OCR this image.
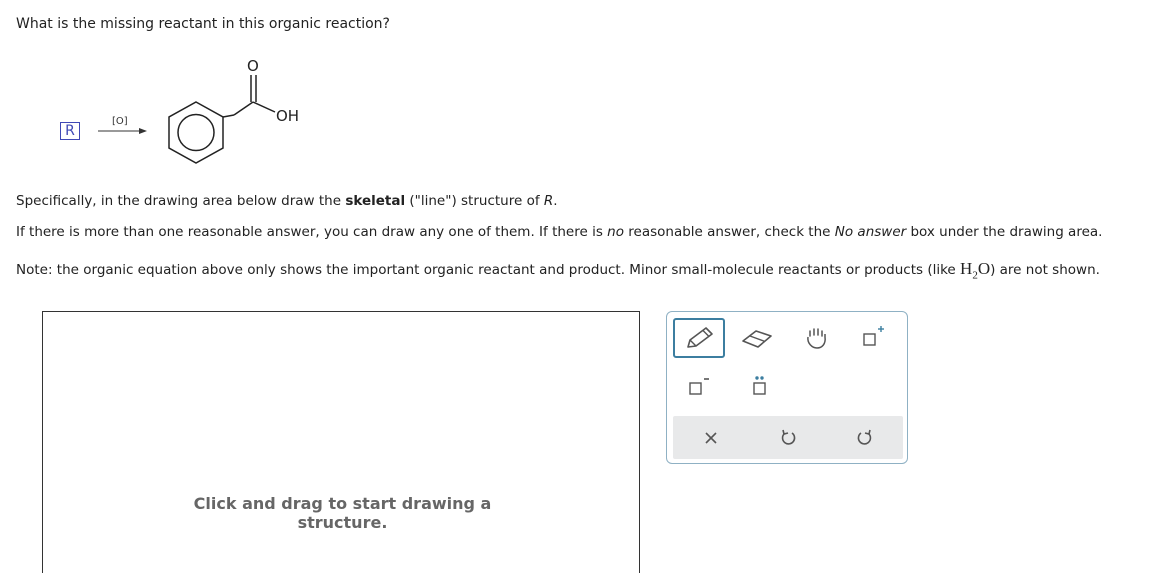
What is the missing reactant in this organic reaction?
R
[O]
O
OH
Specifically, in the drawing area below draw the skeletal ("line") structure of R.
If there is more than one reasonable answer, you can draw any one of them. If there is no reasonable answer, check the No answer box under the drawing area.
Note: the organic equation above only shows the important organic reactant and product. Minor small-molecule reactants or products (like $H_2O$) are not shown.
Click and drag to start drawing a structure.
